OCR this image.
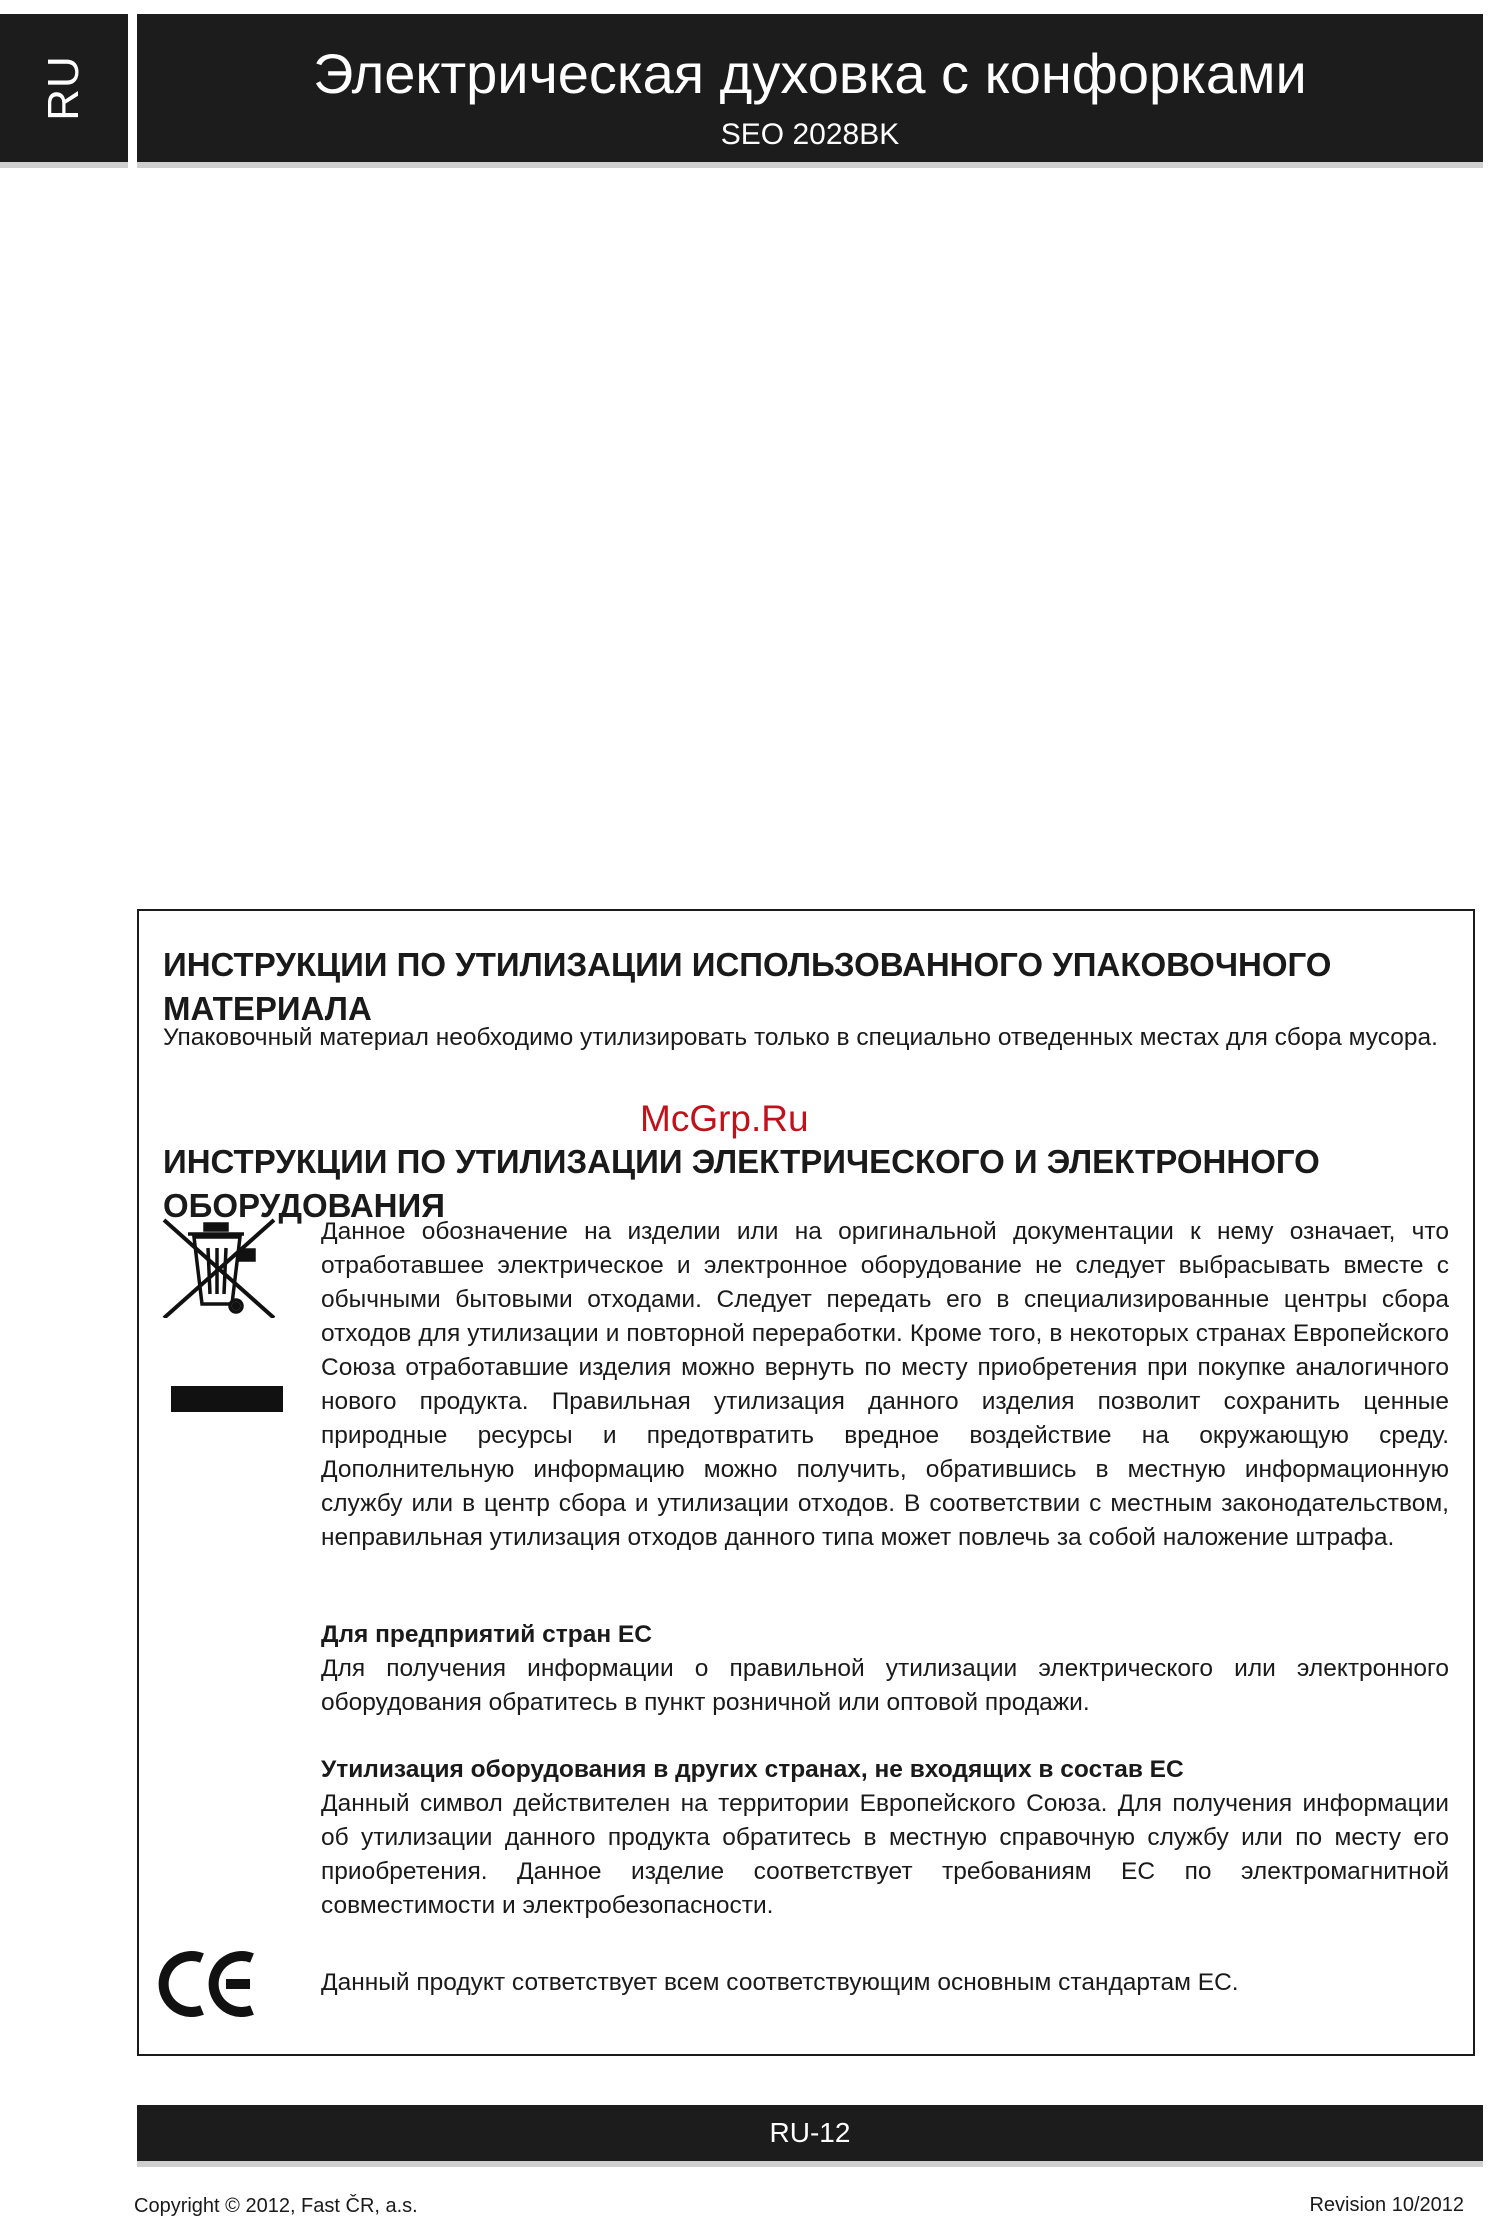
RU	Электрическая духовка с конфорками
SEO 2028BK
ИНСТРУКЦИИ ПО УТИЛИЗАЦИИ ИСПОЛЬЗОВАННОГО УПАКОВОЧНОГО
МАТЕРИАЛА

Упаковочный материал необходимо утилизировать только в специально отведенных местах для сбора мусора.

ИНСТРУКЦИИ ПО УТИЛИЗАЦИИ ЭЛЕКТРИЧЕСКОГО И ЭЛЕКТРОННОГО
ОБОРУДОВАНИЯ

Данное обозначение на изделии или на оригинальной документации к нему означает, что отработавшее электрическое и электронное оборудование не следует выбрасывать вместе с обычными бытовыми отходами. Следует передать его в специализированные центры сбора отходов для утилизации и повторной переработки. Кроме того, в некоторых странах Европейского Союза отработавшие изделия можно вернуть по месту приобретения при покупке аналогичного нового продукта. Правильная утилизация данного изделия позволит сохранить ценные природные ресурсы и предотвратить вредное воздействие на окружающую среду. Дополнительную информацию можно получить, обратившись в местную информационную службу или в центр сбора и утилизации отходов. В соответствии с местным законодательством, неправильная утилизация отходов данного типа может повлечь за собой наложение штрафа.

Для предприятий стран ЕС
Для получения информации о правильной утилизации электрического или электронного оборудования обратитесь в пункт розничной или оптовой продажи.

Утилизация оборудования в других странах, не входящих в состав ЕС
Данный символ действителен на территории Европейского Союза. Для получения информации об утилизации данного продукта обратитесь в местную справочную службу или по месту его приобретения. Данное изделие соответствует требованиям ЕС по электромагнитной совместимости и электробезопасности.

Данный продукт сответствует всем соответствующим основным стандартам ЕС.

McGrp.Ru
RU-12
Copyright © 2012, Fast ČR, a.s.	Revision 10/2012
